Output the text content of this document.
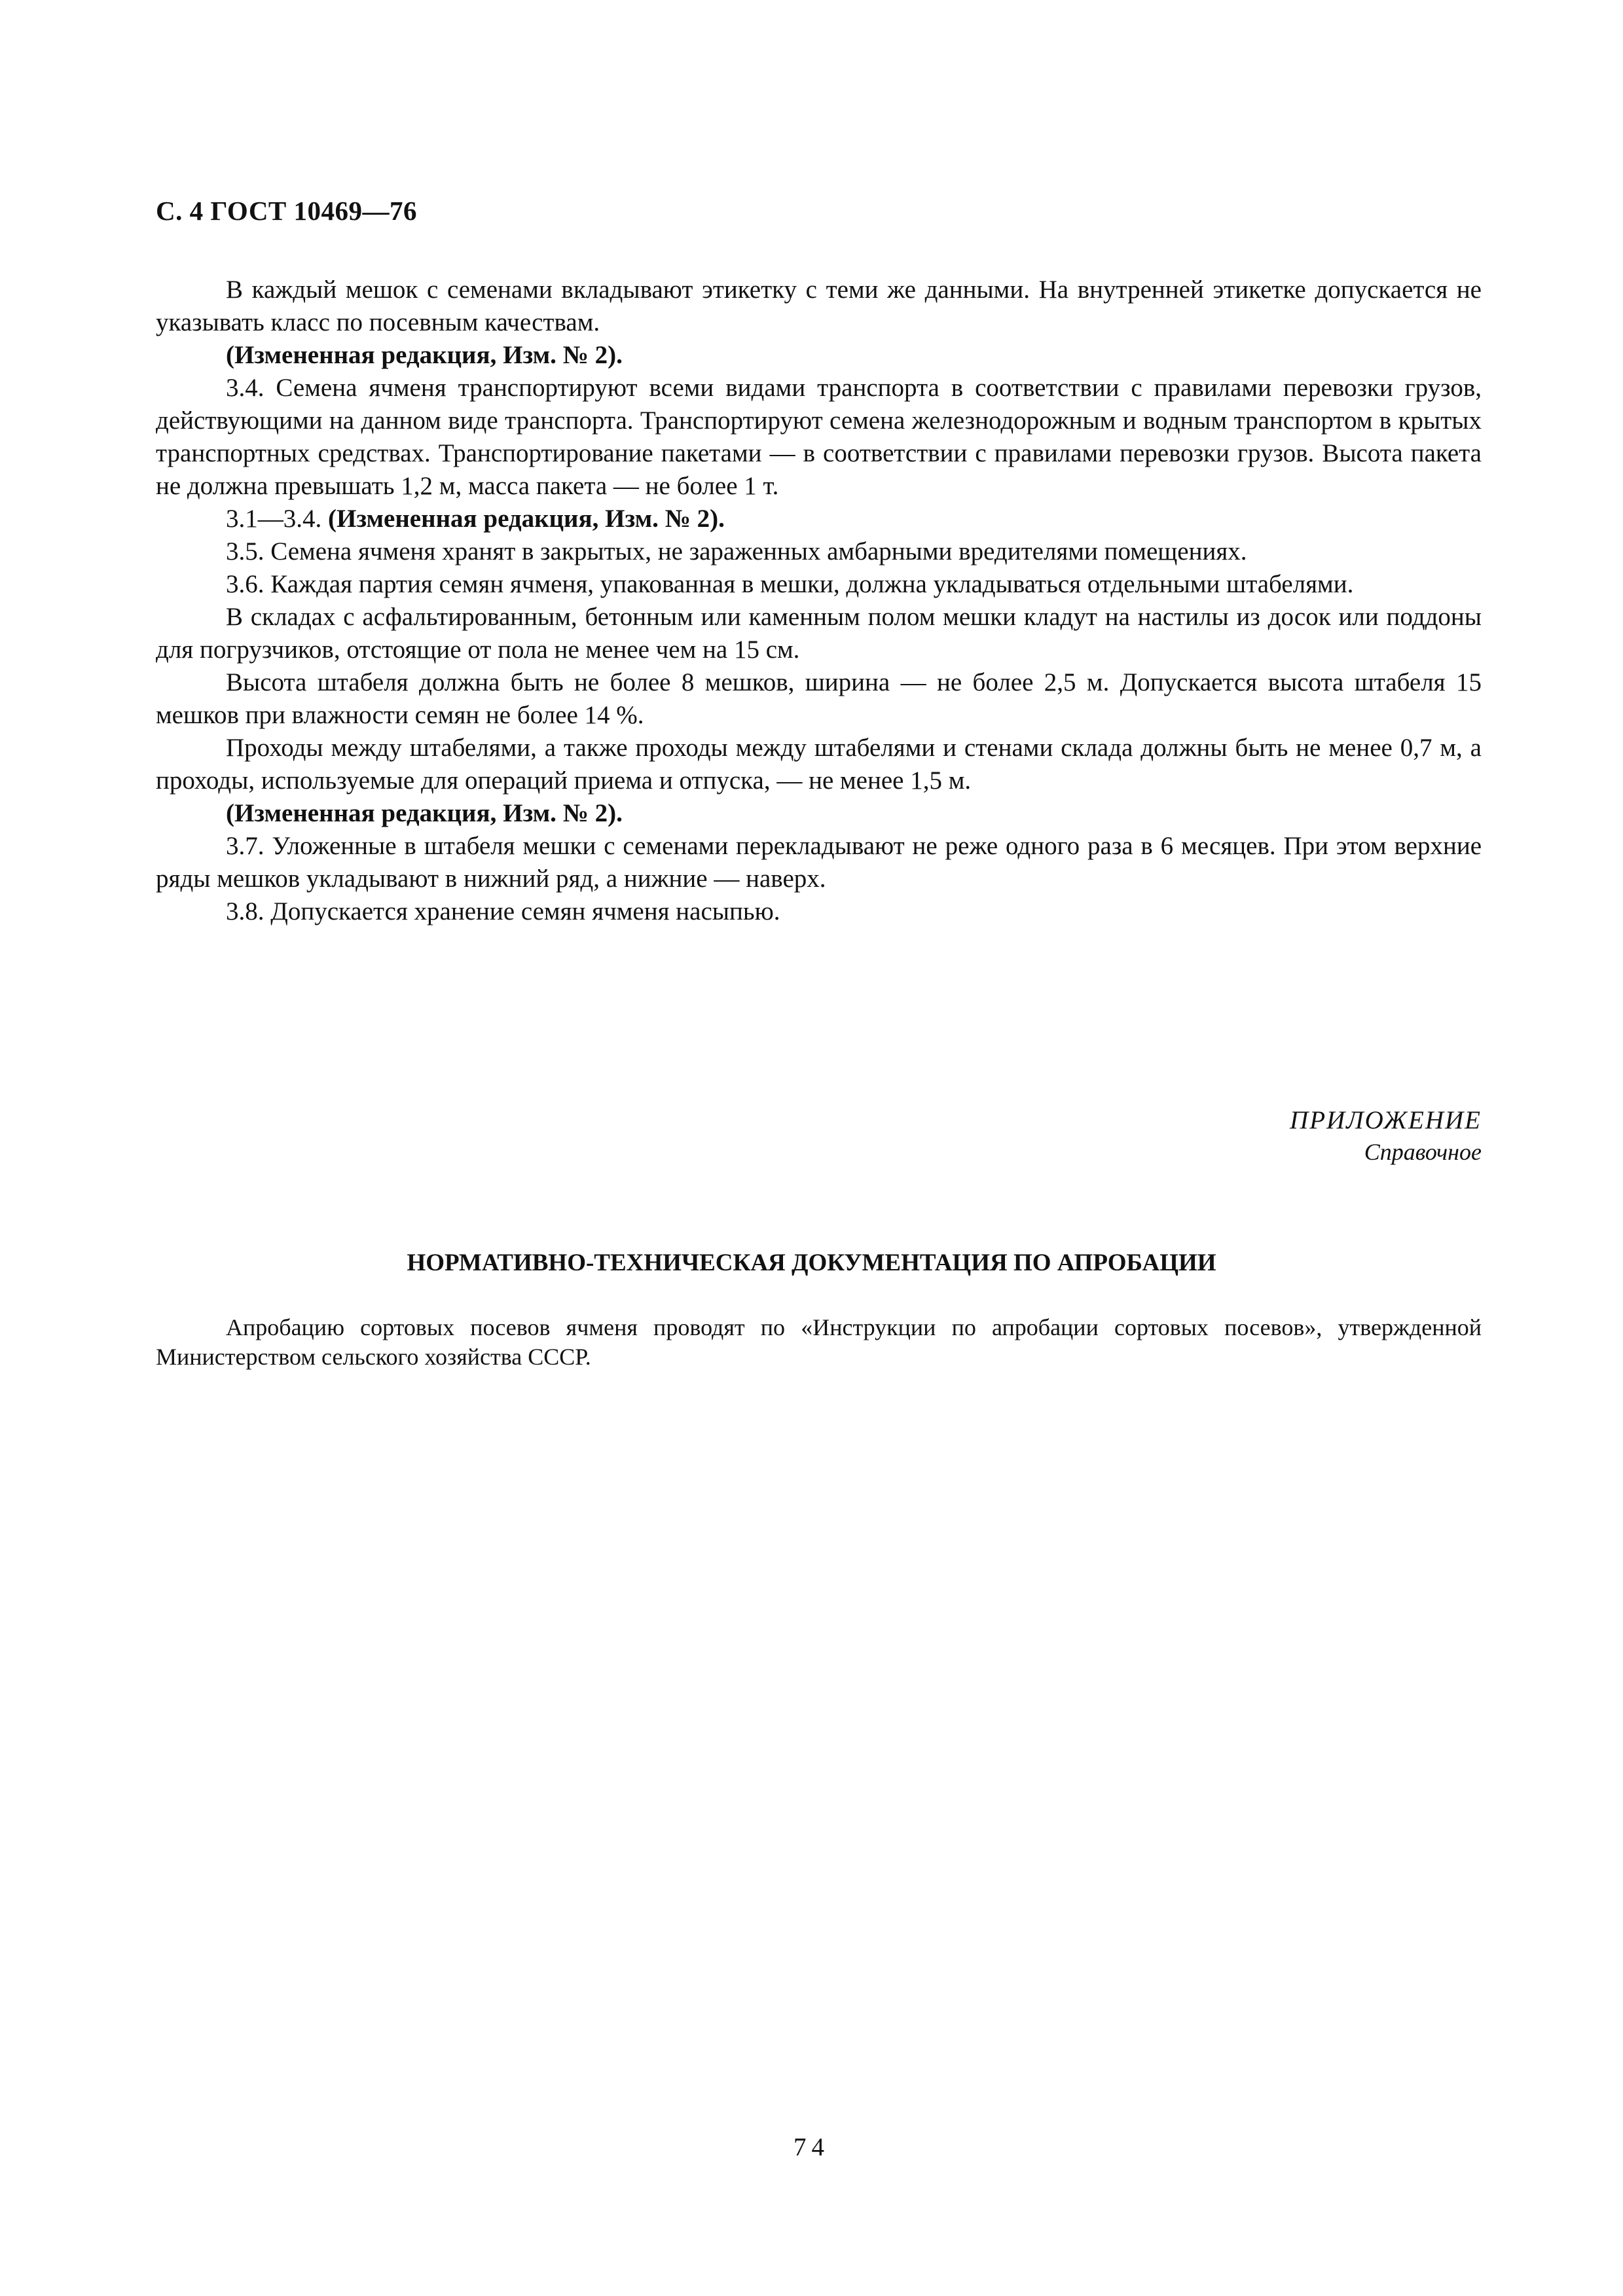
С. 4 ГОСТ 10469—76

В каждый мешок с семенами вкладывают этикетку с теми же данными. На внутренней этикетке допускается не указывать класс по посевным качествам.

(Измененная редакция, Изм. № 2).

3.4. Семена ячменя транспортируют всеми видами транспорта в соответствии с правилами перевозки грузов, действующими на данном виде транспорта. Транспортируют семена железнодорожным и водным транспортом в крытых транспортных средствах. Транспортирование пакетами — в соответствии с правилами перевозки грузов. Высота пакета не должна превышать 1,2 м, масса пакета — не более 1 т.

3.1—3.4. (Измененная редакция, Изм. № 2).

3.5. Семена ячменя хранят в закрытых, не зараженных амбарными вредителями помещениях.

3.6. Каждая партия семян ячменя, упакованная в мешки, должна укладываться отдельными штабелями.

В складах с асфальтированным, бетонным или каменным полом мешки кладут на настилы из досок или поддоны для погрузчиков, отстоящие от пола не менее чем на 15 см.

Высота штабеля должна быть не более 8 мешков, ширина — не более 2,5 м. Допускается высота штабеля 15 мешков при влажности семян не более 14 %.

Проходы между штабелями, а также проходы между штабелями и стенами склада должны быть не менее 0,7 м, а проходы, используемые для операций приема и отпуска, — не менее 1,5 м.

(Измененная редакция, Изм. № 2).

3.7. Уложенные в штабеля мешки с семенами перекладывают не реже одного раза в 6 месяцев. При этом верхние ряды мешков укладывают в нижний ряд, а нижние — наверх.

3.8. Допускается хранение семян ячменя насыпью.

ПРИЛОЖЕНИЕ
Справочное
НОРМАТИВНО-ТЕХНИЧЕСКАЯ ДОКУМЕНТАЦИЯ ПО АПРОБАЦИИ

Апробацию сортовых посевов ячменя проводят по «Инструкции по апробации сортовых посевов», утвержденной Министерством сельского хозяйства СССР.

74
